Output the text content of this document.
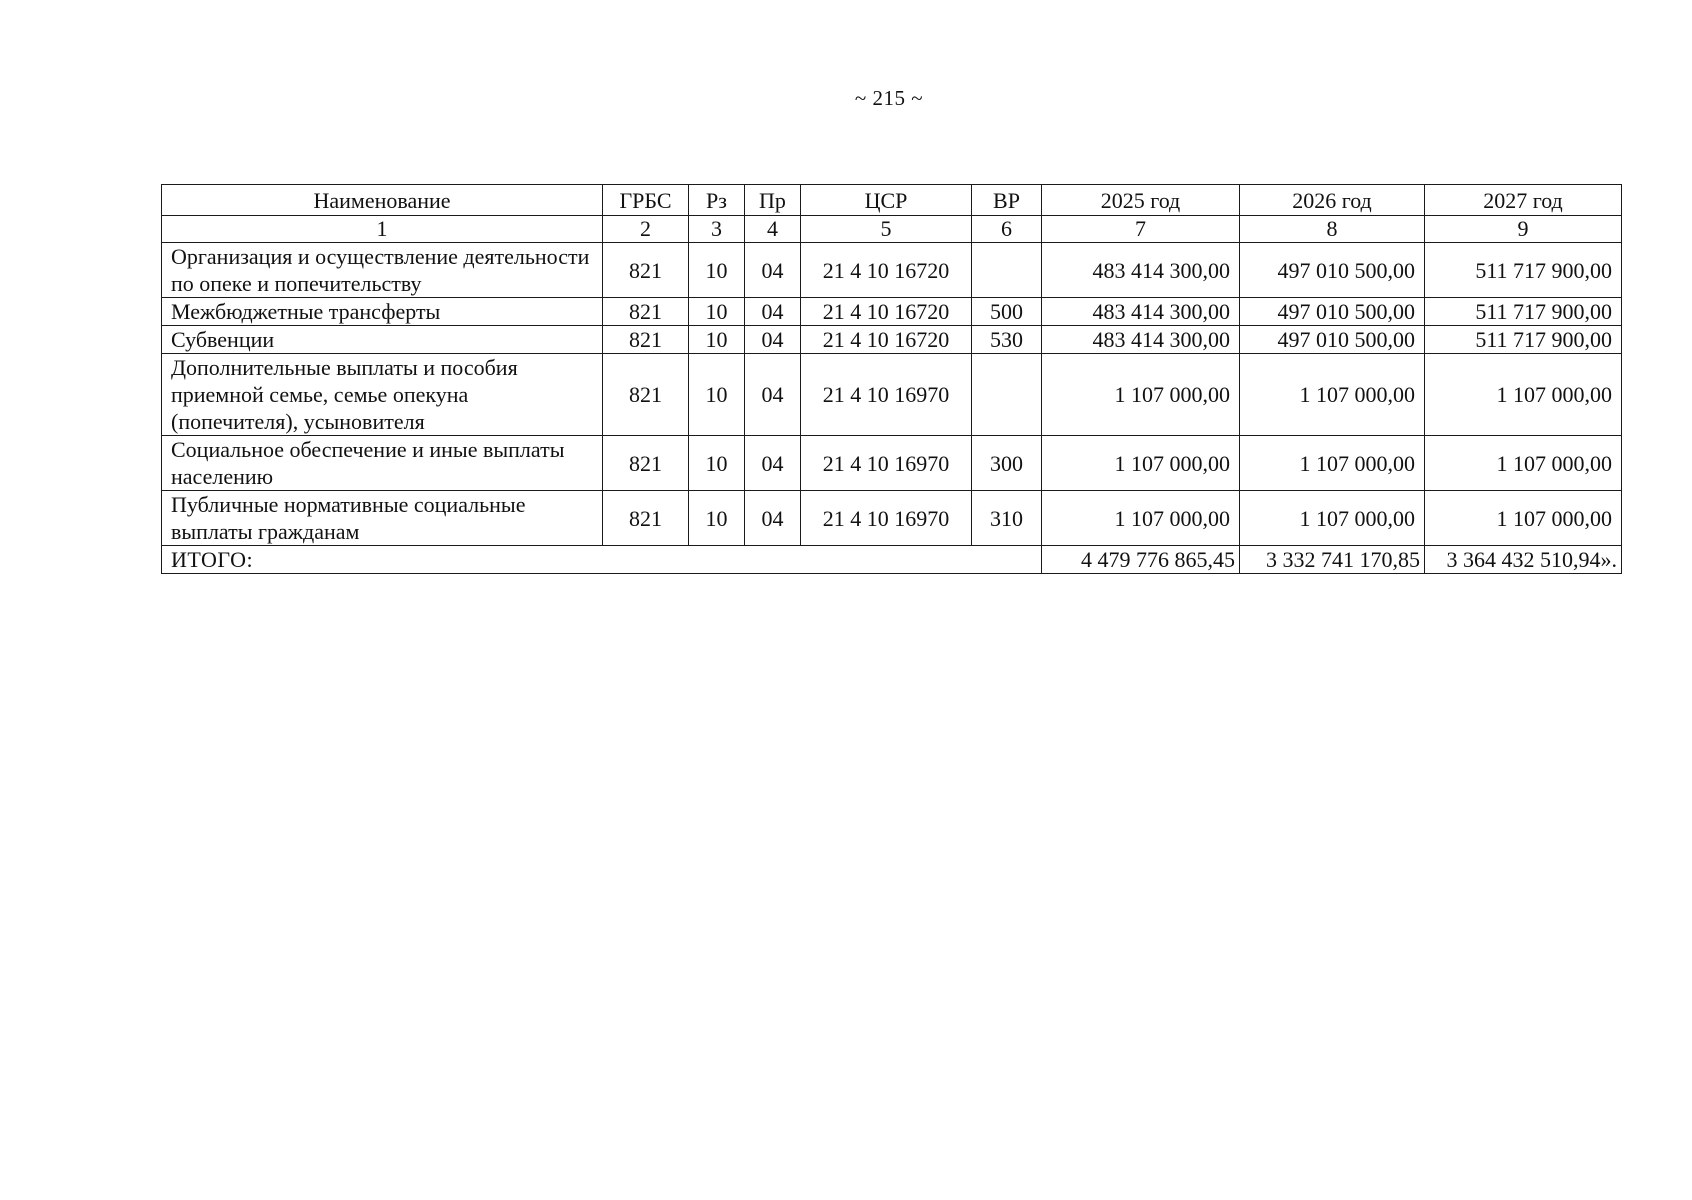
~ 215 ~
Наименование	ГРБС	Рз	Пр	ЦСР	ВР	2025 год	2026 год	2027 год
1	2	3	4	5	6	7	8	9
Организация и осуществление деятельности по опеке и попечительству	821	10	04	21 4 10 16720		483 414 300,00	497 010 500,00	511 717 900,00
Межбюджетные трансферты	821	10	04	21 4 10 16720	500	483 414 300,00	497 010 500,00	511 717 900,00
Субвенции	821	10	04	21 4 10 16720	530	483 414 300,00	497 010 500,00	511 717 900,00
Дополнительные выплаты и пособия приемной семье, семье опекуна (попечителя), усыновителя	821	10	04	21 4 10 16970		1 107 000,00	1 107 000,00	1 107 000,00
Социальное обеспечение и иные выплаты населению	821	10	04	21 4 10 16970	300	1 107 000,00	1 107 000,00	1 107 000,00
Публичные нормативные социальные выплаты гражданам	821	10	04	21 4 10 16970	310	1 107 000,00	1 107 000,00	1 107 000,00
ИТОГО:						4 479 776 865,45	3 332 741 170,85	3 364 432 510,94».
